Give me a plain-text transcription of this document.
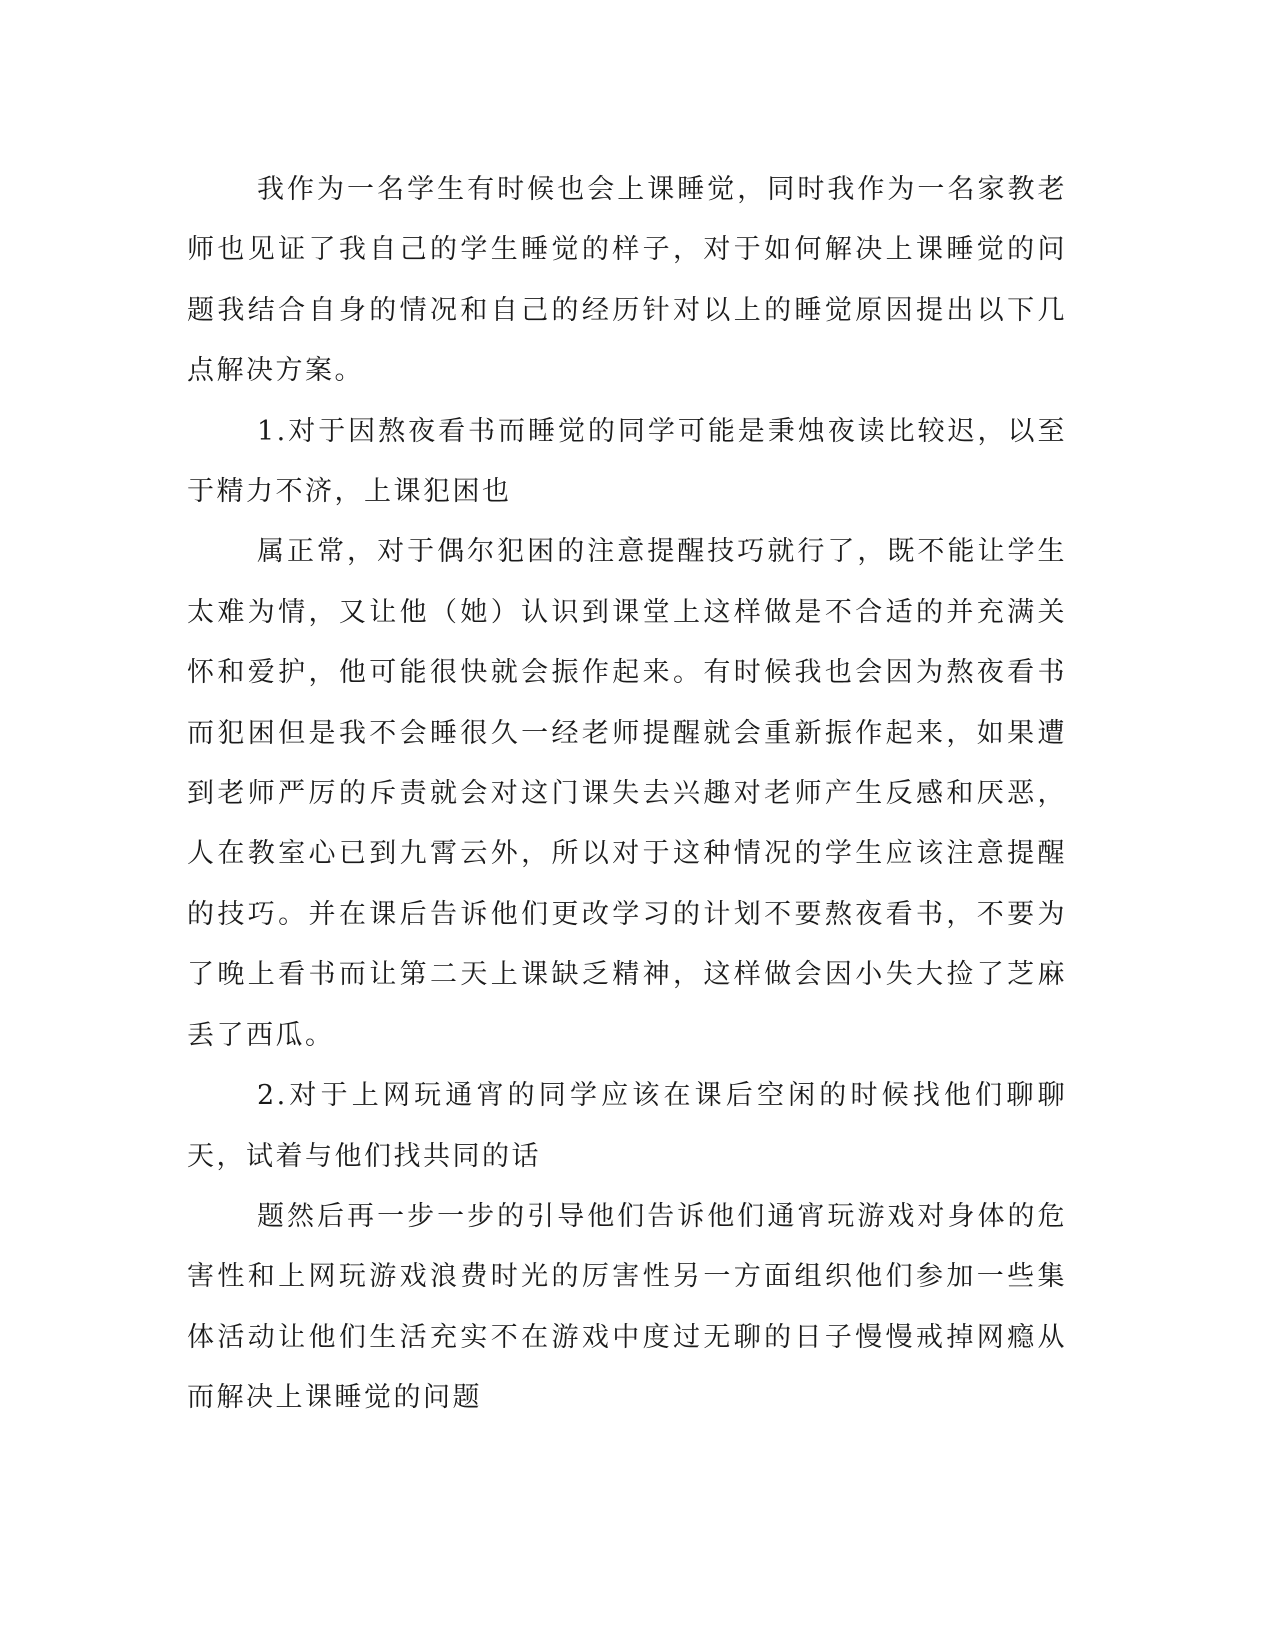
我作为一名学生有时候也会上课睡觉，同时我作为一名家教老师也见证了我自己的学生睡觉的样子，对于如何解决上课睡觉的问题我结合自身的情况和自己的经历针对以上的睡觉原因提出以下几点解决方案。

1.对于因熬夜看书而睡觉的同学可能是秉烛夜读比较迟，以至于精力不济，上课犯困也

属正常，对于偶尔犯困的注意提醒技巧就行了，既不能让学生太难为情，又让他（她）认识到课堂上这样做是不合适的并充满关怀和爱护，他可能很快就会振作起来。有时候我也会因为熬夜看书而犯困但是我不会睡很久一经老师提醒就会重新振作起来，如果遭到老师严厉的斥责就会对这门课失去兴趣对老师产生反感和厌恶，人在教室心已到九霄云外，所以对于这种情况的学生应该注意提醒的技巧。并在课后告诉他们更改学习的计划不要熬夜看书，不要为了晚上看书而让第二天上课缺乏精神，这样做会因小失大捡了芝麻丢了西瓜。

2.对于上网玩通宵的同学应该在课后空闲的时候找他们聊聊天，试着与他们找共同的话

题然后再一步一步的引导他们告诉他们通宵玩游戏对身体的危害性和上网玩游戏浪费时光的厉害性另一方面组织他们参加一些集体活动让他们生活充实不在游戏中度过无聊的日子慢慢戒掉网瘾从而解决上课睡觉的问题
